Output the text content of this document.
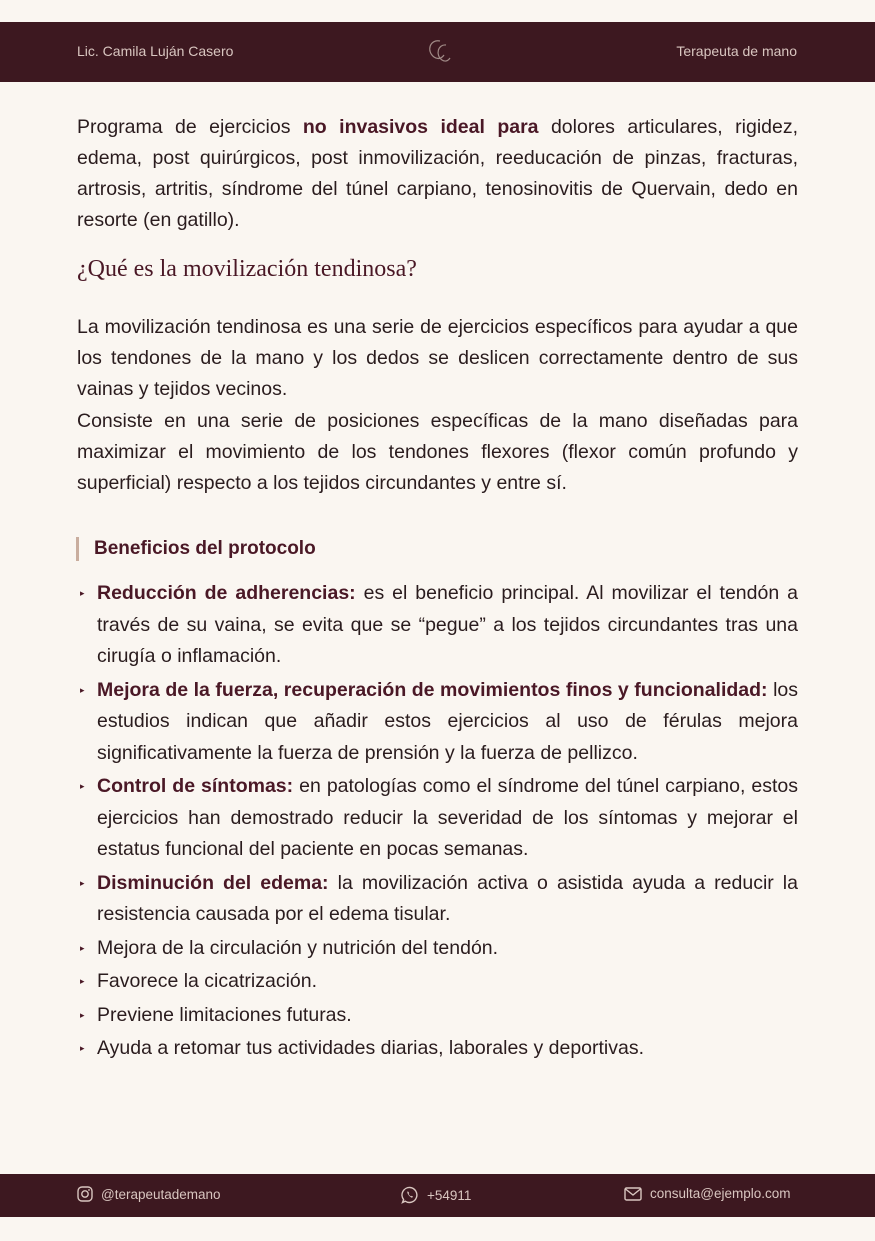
Lic. Camila Luján Casero	Terapeuta de mano
Programa de ejercicios no invasivos ideal para dolores articulares, rigidez, edema, post quirúrgicos, post inmovilización, reeducación de pinzas, fracturas, artrosis, artritis, síndrome del túnel carpiano, tenosinovitis de Quervain, dedo en resorte (en gatillo).
¿Qué es la movilización tendinosa?
La movilización tendinosa es una serie de ejercicios específicos para ayudar a que los tendones de la mano y los dedos se deslicen correctamente dentro de sus vainas y tejidos vecinos.
Consiste en una serie de posiciones específicas de la mano diseñadas para maximizar el movimiento de los tendones flexores (flexor común profundo y superficial) respecto a los tejidos circundantes y entre sí.
Beneficios del protocolo
▸ Reducción de adherencias: es el beneficio principal. Al movilizar el tendón a través de su vaina, se evita que se “pegue” a los tejidos circundantes tras una cirugía o inflamación.
▸ Mejora de la fuerza, recuperación de movimientos finos y funcionalidad: los estudios indican que añadir estos ejercicios al uso de férulas mejora significativamente la fuerza de prensión y la fuerza de pellizco.
▸ Control de síntomas: en patologías como el síndrome del túnel carpiano, estos ejercicios han demostrado reducir la severidad de los síntomas y mejorar el estatus funcional del paciente en pocas semanas.
▸ Disminución del edema: la movilización activa o asistida ayuda a reducir la resistencia causada por el edema tisular.
▸ Mejora de la circulación y nutrición del tendón.
▸ Favorece la cicatrización.
▸ Previene limitaciones futuras.
▸ Ayuda a retomar tus actividades diarias, laborales y deportivas.
@terapeutademano	+54911	consulta@ejemplo.com
